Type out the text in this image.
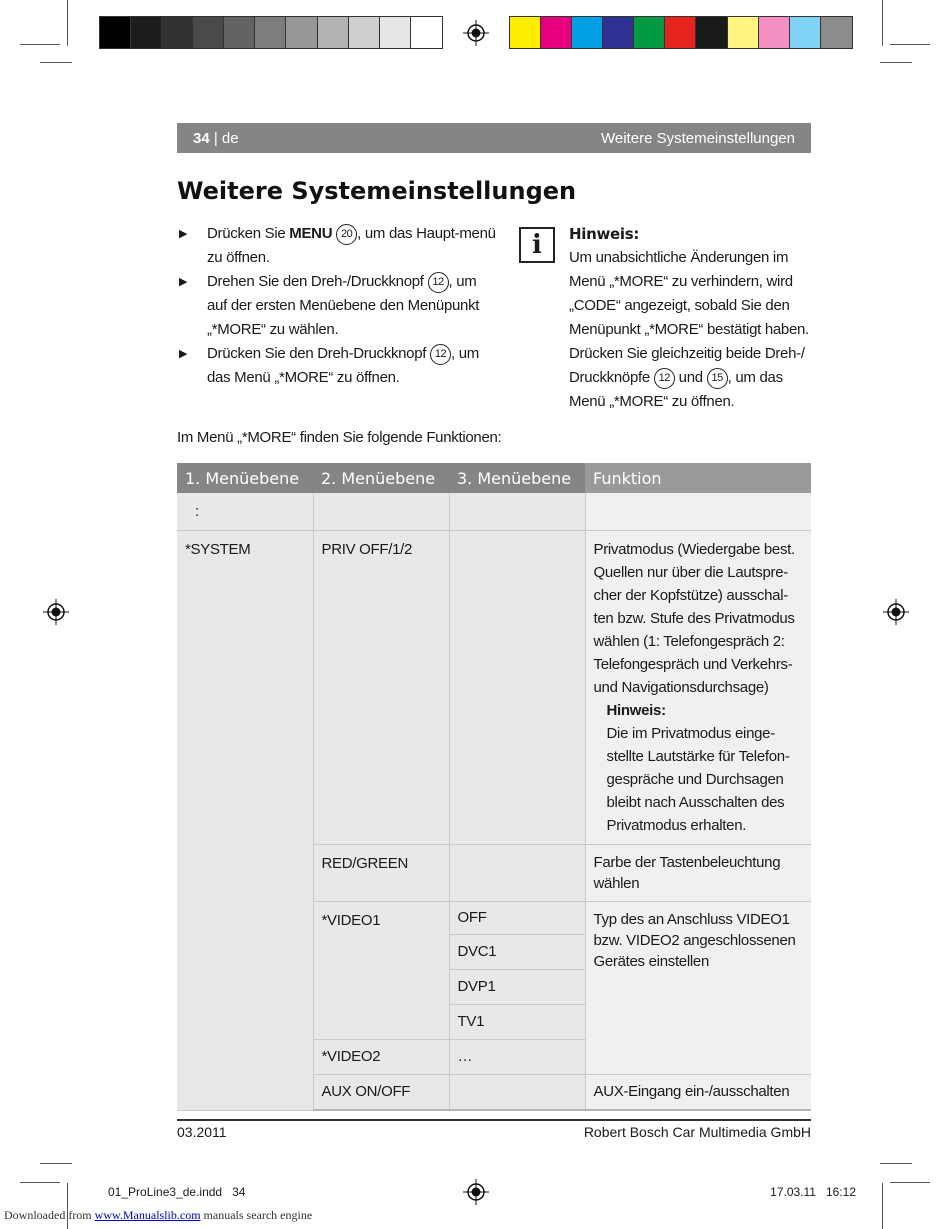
34 | de	Weitere Systemeinstellungen
Weitere Systemeinstellungen
▶ Drücken Sie MENU 20 , um das Haupt-menü zu öffnen.
▶ Drehen Sie den Dreh-/Druckknopf 12 , um auf der ersten Menüebene den Menüpunkt „*MORE“ zu wählen.
▶ Drücken Sie den Dreh-Druckknopf 12 , um das Menü „*MORE“ zu öffnen.
i	Hinweis:
Um unabsichtliche Änderungen im Menü „*MORE“ zu verhindern, wird „CODE“ angezeigt, sobald Sie den Menüpunkt „*MORE“ bestätigt haben. Drücken Sie gleichzeitig beide Dreh-/ Druckknöpfe 12 und 15 , um das Menü „*MORE“ zu öffnen.
Im Menü „*MORE“ finden Sie folgende Funktionen:
1. Menüebene	2. Menüebene	3. Menüebene	Funktion
:			
*SYSTEM	PRIV OFF/1/2		Privatmodus (Wiedergabe best. Quellen nur über die Lautspre-cher der Kopfstütze) ausschal-ten bzw. Stufe des Privatmodus wählen (1: Telefongespräch 2: Telefongespräch und Verkehrs-und Navigationsdurchsage)
Hinweis:
Die im Privatmodus einge-stellte Lautstärke für Telefon-gespräche und Durchsagen bleibt nach Ausschalten des Privatmodus erhalten.

	RED/GREEN		Farbe der Tastenbeleuchtung wählen
	*VIDEO1	OFF	Typ des an Anschluss VIDEO1 bzw. VIDEO2 angeschlossenen Gerätes einstellen
		DVC1	
		DVP1	
		TV1	
	*VIDEO2	…	
	AUX ON/OFF		AUX-Eingang ein-/ausschalten
03.2011	Robert Bosch Car Multimedia GmbH
01_ProLine3_de.indd   34	17.03.11   16:12
Downloaded from www.Manualslib.com manuals search engine
